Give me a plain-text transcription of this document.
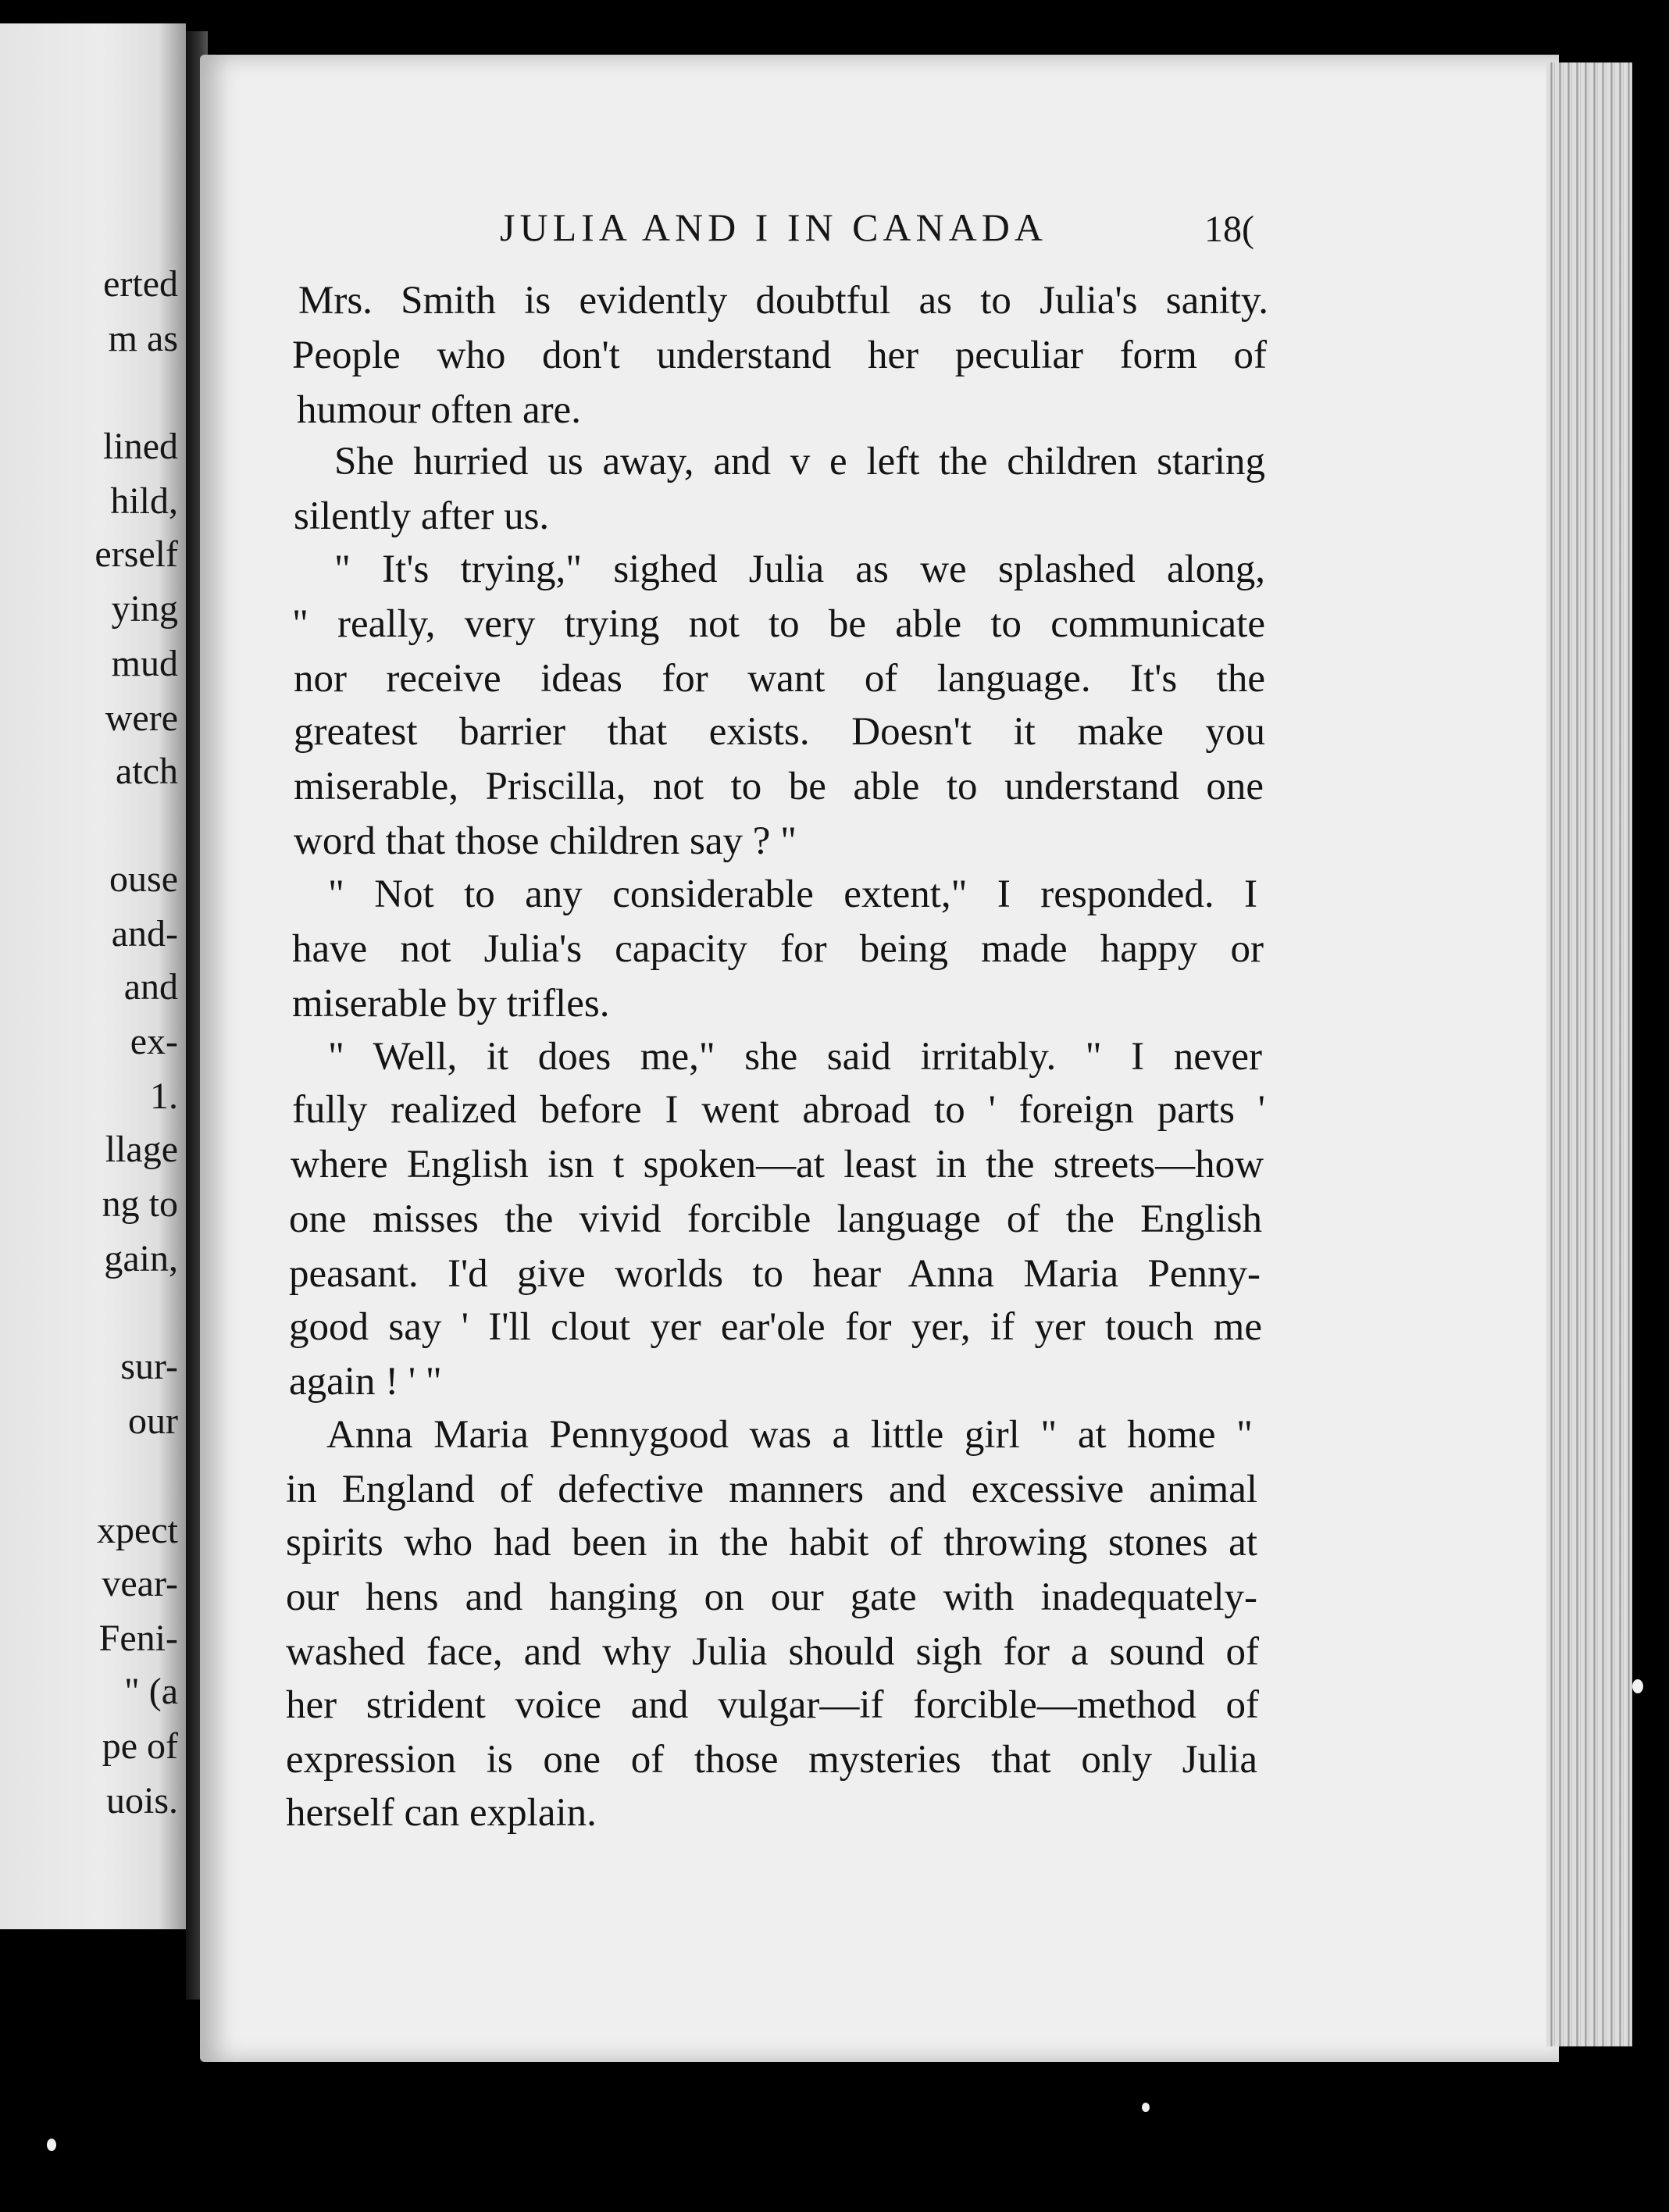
erted
m as
lined
hild,
erself
ying
mud
were
atch
ouse
and-
and
ex-
1.
llage
ng to
gain,
sur-
our
xpect
vear-
Feni-
" (a
pe of
uois.
JULIA AND I IN CANADA	18(
Mrs. Smith is evidently doubtful as to Julia's sanity.
People who don't understand her peculiar form of
humour often are.
She hurried us away, and v e left the children staring
silently after us.
" It's trying," sighed Julia as we splashed along,
" really, very trying not to be able to communicate
nor receive ideas for want of language. It's the
greatest barrier that exists. Doesn't it make you
miserable, Priscilla, not to be able to understand one
word that those children say ? "
" Not to any considerable extent," I responded. I
have not Julia's capacity for being made happy or
miserable by trifles.
" Well, it does me," she said irritably. " I never
fully realized before I went abroad to ' foreign parts '
where English isn t spoken—at least in the streets—how
one misses the vivid forcible language of the English
peasant. I'd give worlds to hear Anna Maria Penny-
good say ' I'll clout yer ear'ole for yer, if yer touch me
again ! ' "
Anna Maria Pennygood was a little girl " at home "
in England of defective manners and excessive animal
spirits who had been in the habit of throwing stones at
our hens and hanging on our gate with inadequately-
washed face, and why Julia should sigh for a sound of
her strident voice and vulgar—if forcible—method of
expression is one of those mysteries that only Julia
herself can explain.
